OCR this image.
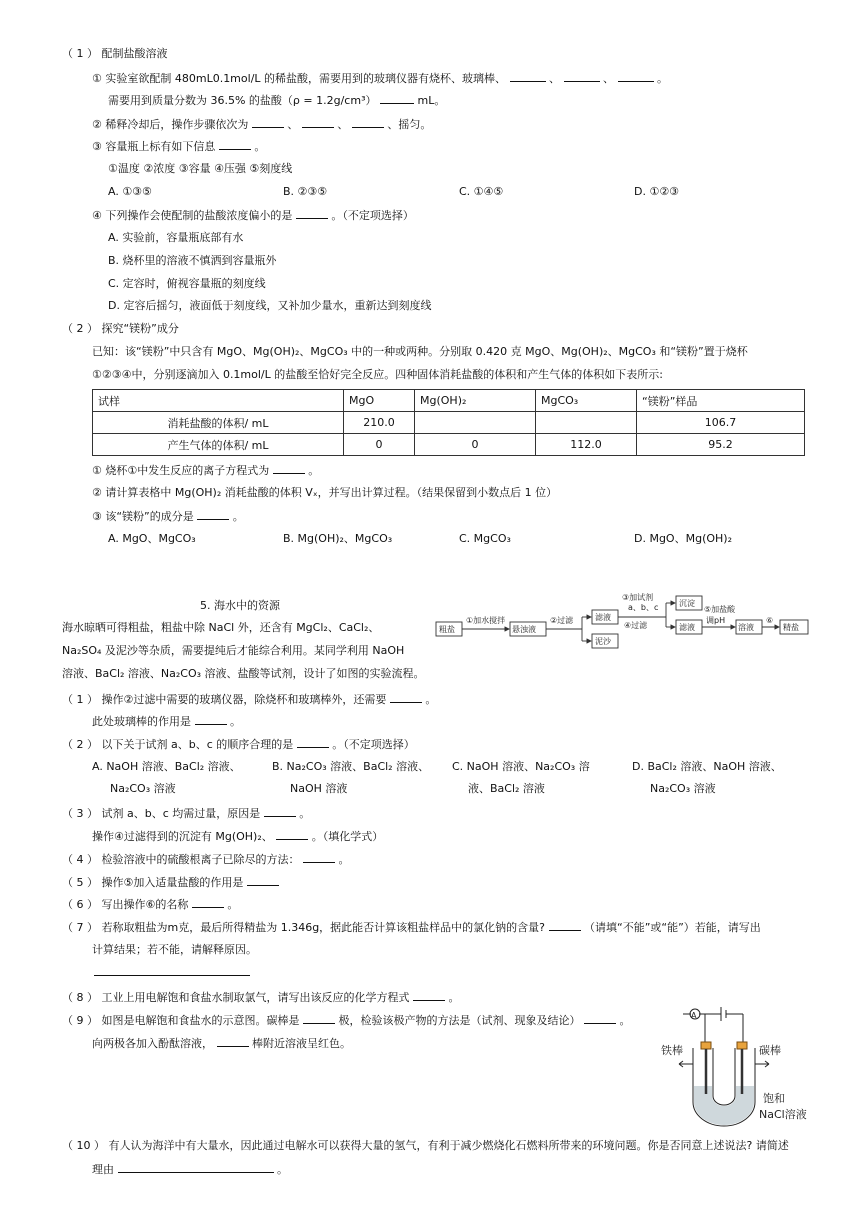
（ 1 ） 配制盐酸溶液
① 实验室欲配制 480mL0.1mol/L 的稀盐酸，需要用到的玻璃仪器有烧杯、玻璃棒、	、	、	。
需要用到质量分数为 36.5% 的盐酸（ρ = 1.2g/cm³）	mL。
② 稀释冷却后，操作步骤依次为	、	、	、摇匀。
③ 容量瓶上标有如下信息	。
①温度 ②浓度 ③容量 ④压强 ⑤刻度线
A. ①③⑤	B. ②③⑤	C. ①④⑤	D. ①②③
④ 下列操作会使配制的盐酸浓度偏小的是	。（不定项选择）
A. 实验前，容量瓶底部有水
B. 烧杯里的溶液不慎洒到容量瓶外
C. 定容时，俯视容量瓶的刻度线
D. 定容后摇匀，液面低于刻度线，又补加少量水，重新达到刻度线
（ 2 ） 探究“镁粉”成分
已知：该“镁粉”中只含有 MgO、Mg(OH)₂、MgCO₃ 中的一种或两种。分别取 0.420 克 MgO、Mg(OH)₂、MgCO₃ 和“镁粉”置于烧杯
①②③④中，分别逐滴加入 0.1mol/L 的盐酸至恰好完全反应。四种固体消耗盐酸的体积和产生气体的体积如下表所示:
试样	MgO	Mg(OH)₂	MgCO₃	“镁粉”样品
消耗盐酸的体积/ mL	210.0			106.7
产生气体的体积/ mL	0	0	112.0	95.2
① 烧杯①中发生反应的离子方程式为	。
② 请计算表格中 Mg(OH)₂ 消耗盐酸的体积 Vₓ，并写出计算过程。（结果保留到小数点后 1 位）
③ 该“镁粉”的成分是	。
A. MgO、MgCO₃	B. Mg(OH)₂、MgCO₃	C. MgCO₃	D. MgO、Mg(OH)₂
5. 海水中的资源
海水晾晒可得粗盐，粗盐中除 NaCl 外，还含有 MgCl₂、CaCl₂、
Na₂SO₄ 及泥沙等杂质，需要提纯后才能综合利用。某同学利用 NaOH
溶液、BaCl₂ 溶液、Na₂CO₃ 溶液、盐酸等试剂，设计了如图的实验流程。
粗盐
①加水搅拌
悬浊液
②过滤	滤液
泥沙
③加试剂
a、b、c
④过滤
沉淀
滤液
⑤加盐酸
调pH
溶液
⑥
精盐
（ 1 ） 操作②过滤中需要的玻璃仪器，除烧杯和玻璃棒外，还需要	。
此处玻璃棒的作用是	。
（ 2 ） 以下关于试剂 a、b、c 的顺序合理的是	。（不定项选择）
A. NaOH 溶液、BaCl₂ 溶液、
Na₂CO₃ 溶液
B. Na₂CO₃ 溶液、BaCl₂ 溶液、
NaOH 溶液
C. NaOH 溶液、Na₂CO₃ 溶
液、BaCl₂ 溶液
D. BaCl₂ 溶液、NaOH 溶液、
Na₂CO₃ 溶液
（ 3 ） 试剂 a、b、c 均需过量，原因是	。
操作④过滤得到的沉淀有 Mg(OH)₂、	。（填化学式）
（ 4 ） 检验溶液中的硫酸根离子已除尽的方法：	。
（ 5 ） 操作⑤加入适量盐酸的作用是
（ 6 ） 写出操作⑥的名称	。
（ 7 ） 若称取粗盐为m克，最后所得精盐为 1.346g，据此能否计算该粗盐样品中的氯化钠的含量?	（请填“不能”或“能”）若能，请写出
计算结果；若不能，请解释原因。
（ 8 ） 工业上用电解饱和食盐水制取氯气，请写出该反应的化学方程式	。
（ 9 ） 如图是电解饱和食盐水的示意图。碳棒是	极，检验该极产物的方法是（试剂、现象及结论）	。
向两极各加入酚酞溶液，	棒附近溶液呈红色。
A
铁棒	碳棒
饱和
NaCl溶液
（ 10 ） 有人认为海洋中有大量水，因此通过电解水可以获得大量的氢气，有利于减少燃烧化石燃料所带来的环境问题。你是否同意上述说法? 请简述
理由	。
